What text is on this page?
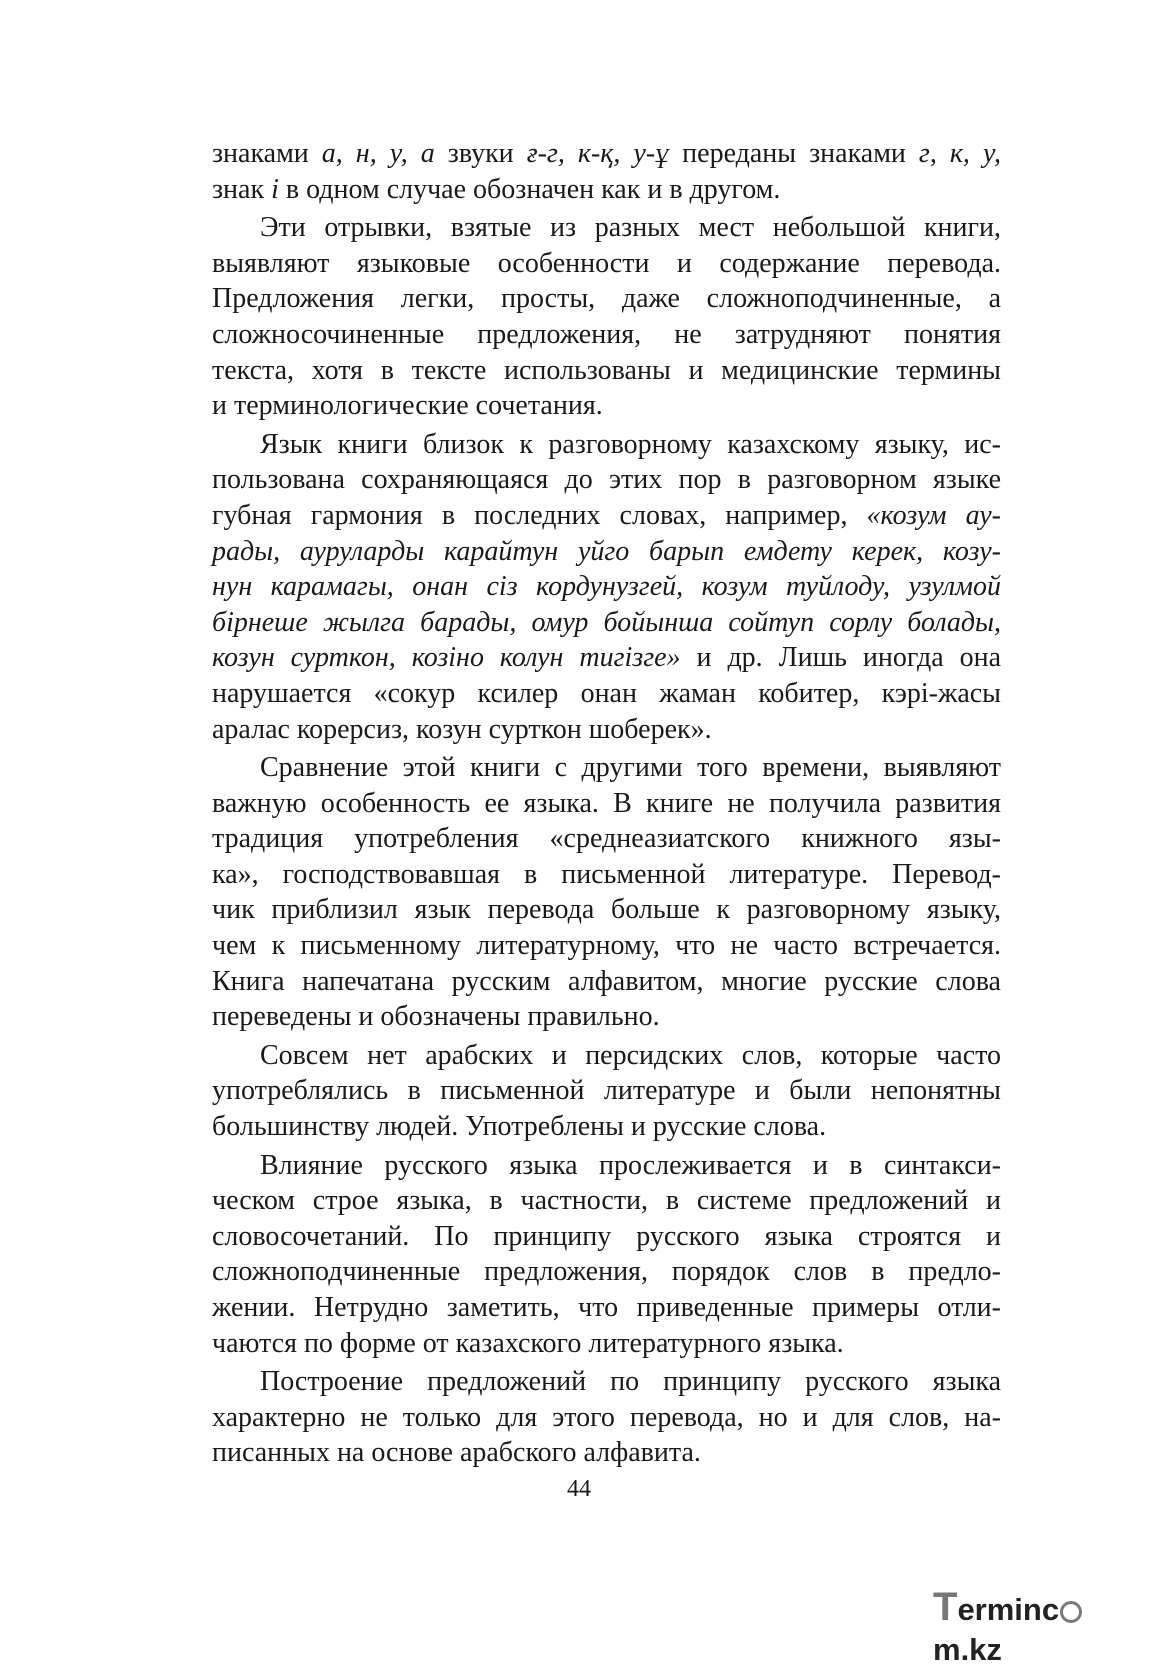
знаками а, н, у, а звуки ғ-г, к-қ, у-ұ переданы знаками г, к, у,
знак і в одном случае обозначен как и в другом.
Эти отрывки, взятые из разных мест небольшой книги,
выявляют языковые особенности и содержание перевода.
Предложения легки, просты, даже сложноподчиненные, а
сложносочиненные предложения, не затрудняют понятия
текста, хотя в тексте использованы и медицинские термины
и терминологические сочетания.
Язык книги близок к разговорному казахскому языку, ис-
пользована сохраняющаяся до этих пор в разговорном языке
губная гармония в последних словах, например, «козум ау-
рады, ауруларды карайтун уйго барып емдету керек, козу-
нун карамагы, онан сіз кордунузгей, козум туйлоду, узулмой
бірнеше жылга барады, омур бойынша сойтуп сорлу болады,
козун сурткон, козіно колун тигізге» и др. Лишь иногда она
нарушается «сокур ксилер онан жаман кобитер, кэрі-жасы
аралас корерсиз, козун сурткон шоберек».
Сравнение этой книги с другими того времени, выявляют
важную особенность ее языка. В книге не получила развития
традиция употребления «среднеазиатского книжного язы-
ка», господствовавшая в письменной литературе. Перевод-
чик приблизил язык перевода больше к разговорному языку,
чем к письменному литературному, что не часто встречается.
Книга напечатана русским алфавитом, многие русские слова
переведены и обозначены правильно.
Совсем нет арабских и персидских слов, которые часто
употреблялись в письменной литературе и были непонятны
большинству людей. Употреблены и русские слова.
Влияние русского языка прослеживается и в синтакси-
ческом строе языка, в частности, в системе предложений и
словосочетаний. По принципу русского языка строятся и
сложноподчиненные предложения, порядок слов в предло-
жении. Нетрудно заметить, что приведенные примеры отли-
чаются по форме от казахского литературного языка.
Построение предложений по принципу русского языка
характерно не только для этого перевода, но и для слов, на-
писанных на основе арабского алфавита.
44
Termincm.kz
